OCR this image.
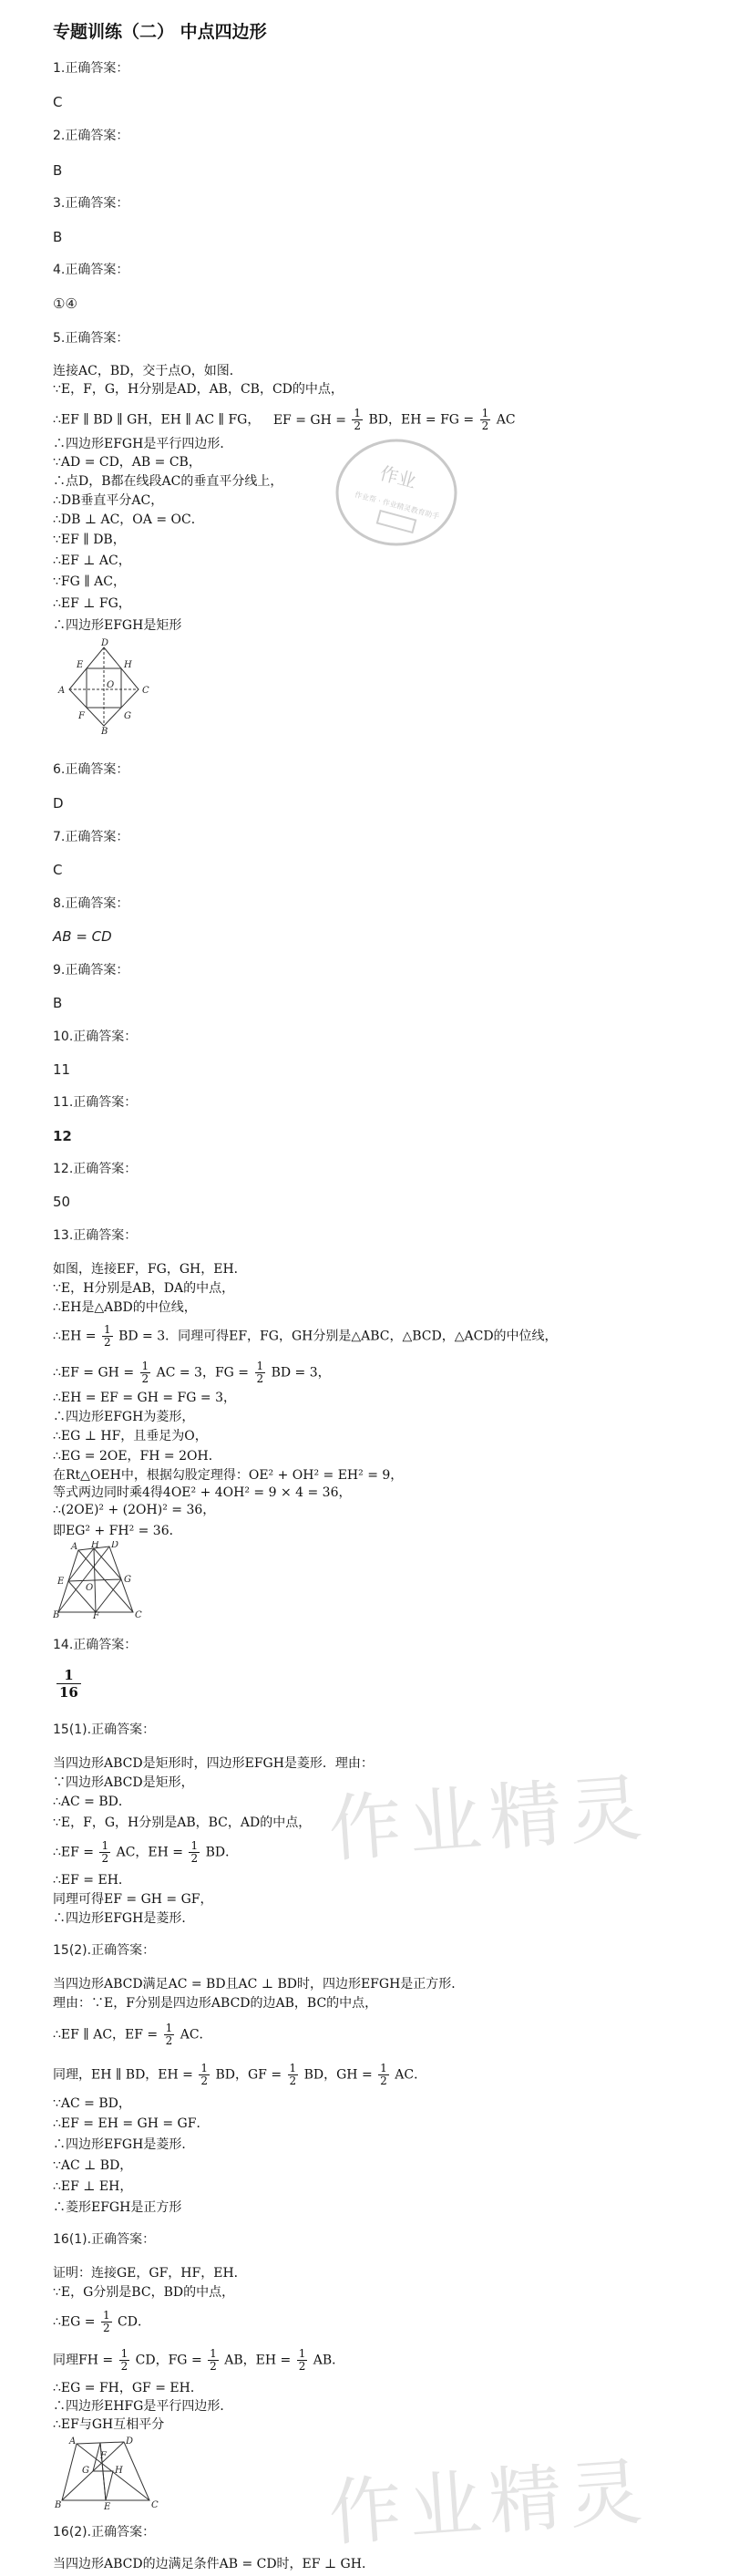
专题训练（二） 中点四边形
1.正确答案：
C
2.正确答案：
B
3.正确答案：
B
4.正确答案：
①④
5.正确答案：
连接AC，BD，交于点O，如图．
∵E，F，G，H分别是AD，AB，CB，CD的中点，
∴EF ∥ BD ∥ GH，EH ∥ AC ∥ FG， EF = GH = $\frac{1}{2}$ BD，EH = FG = $\frac{1}{2}$ AC
∴四边形EFGH是平行四边形．
∵AD = CD，AB = CB，
∴点D，B都在线段AC的垂直平分线上，
∴DB垂直平分AC，
∴DB ⊥ AC，OA = OC．
∵EF ∥ DB，
∴EF ⊥ AC，
∵FG ∥ AC，
∴EF ⊥ FG，
∴四边形EFGH是矩形
作业
作业帮 · 作业精灵教育助手
D
E	H
A
O
C
F	G
B
6.正确答案：
D
7.正确答案：
C
8.正确答案：
AB = CD
9.正确答案：
B
10.正确答案：
11
11.正确答案：
12
12.正确答案：
50
13.正确答案：
如图，连接EF，FG，GH，EH．
∵E，H分别是AB，DA的中点，
∴EH是△ABD的中位线，
∴EH = $\frac{1}{2}$ BD = 3．同理可得EF，FG，GH分别是△ABC，△BCD，△ACD的中位线，
∴EF = GH = $\frac{1}{2}$ AC = 3，FG = $\frac{1}{2}$ BD = 3，
∴EH = EF = GH = FG = 3，
∴四边形EFGH为菱形，
∴EG ⊥ HF，且垂足为O，
∴EG = 2OE，FH = 2OH．
在Rt△OEH中，根据勾股定理得：OE² + OH² = EH² = 9，
等式两边同时乘4得4OE² + 4OH² = 9 × 4 = 36，
∴(2OE)² + (2OH)² = 36，
即EG² + FH² = 36．
A H D
E
O
G
B	F	C
14.正确答案：
$\frac{1}{16}$
15(1).正确答案：
当四边形ABCD是矩形时，四边形EFGH是菱形．理由：
∵四边形ABCD是矩形，
∴AC = BD．
∵E，F，G，H分别是AB，BC，AD的中点，
∴EF = $\frac{1}{2}$ AC，EH = $\frac{1}{2}$ BD．
∴EF = EH．
同理可得EF = GH = GF，
∴四边形EFGH是菱形．
作业精灵
15(2).正确答案：
当四边形ABCD满足AC = BD且AC ⊥ BD时，四边形EFGH是正方形．
理由：∵E，F分别是四边形ABCD的边AB，BC的中点，
∴EF ∥ AC，EF = $\frac{1}{2}$ AC．
同理，EH ∥ BD，EH = $\frac{1}{2}$ BD，GF = $\frac{1}{2}$ BD，GH = $\frac{1}{2}$ AC．
∵AC = BD，
∴EF = EH = GH = GF．
∴四边形EFGH是菱形．
∵AC ⊥ BD，
∴EF ⊥ EH，
∴菱形EFGH是正方形
16(1).正确答案：
证明：连接GE，GF，HF，EH．
∵E，G分别是BC，BD的中点，
∴EG = $\frac{1}{2}$ CD．
同理FH = $\frac{1}{2}$ CD，FG = $\frac{1}{2}$ AB，EH = $\frac{1}{2}$ AB．
∴EG = FH，GF = EH．
∴四边形EHFG是平行四边形．
∴EF与GH互相平分
A	D
G	H
F
E
B	C 作业精灵
16(2).正确答案：
当四边形ABCD的边满足条件AB = CD时，EF ⊥ GH．
